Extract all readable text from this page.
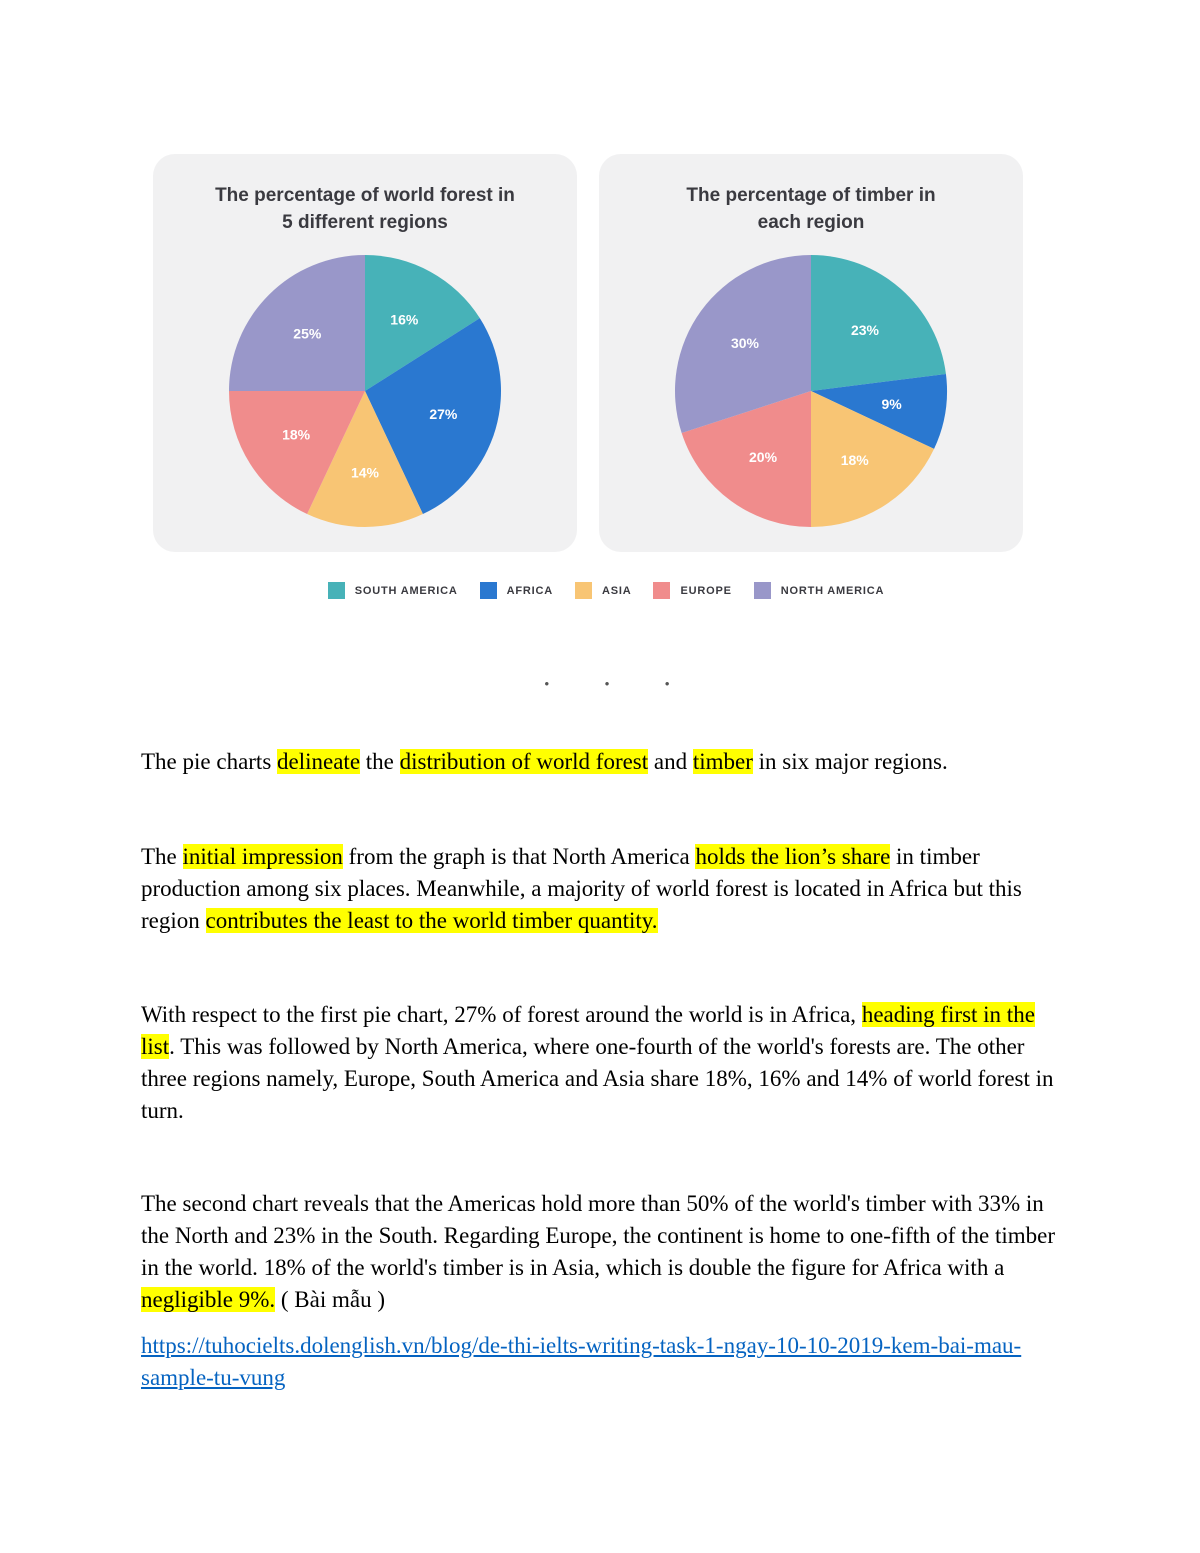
The percentage of world forest in
5 different regions
16%
27%
14%
18%
25%
The percentage of timber in
each region
23%
9%
18%
20%
30%
SOUTH AMERICA	AFRICA	ASIA	EUROPE	NORTH AMERICA
• • •

The pie charts delineate the distribution of world forest and timber in six major regions.

The initial impression from the graph is that North America holds the lion’s share in timber production among six places. Meanwhile, a majority of world forest is located in Africa but this region contributes the least to the world timber quantity.

With respect to the first pie chart, 27% of forest around the world is in Africa, heading first in the list. This was followed by North America, where one-fourth of the world's forests are. The other three regions namely, Europe, South America and Asia share 18%, 16% and 14% of world forest in turn.

The second chart reveals that the Americas hold more than 50% of the world's timber with 33% in the North and 23% in the South. Regarding Europe, the continent is home to one-fifth of the timber in the world. 18% of the world's timber is in Asia, which is double the figure for Africa with a negligible 9%. ( Bài mẫu )

https://tuhocielts.dolenglish.vn/blog/de-thi-ielts-writing-task-1-ngay-10-10-2019-kem-bai-mau-sample-tu-vung
